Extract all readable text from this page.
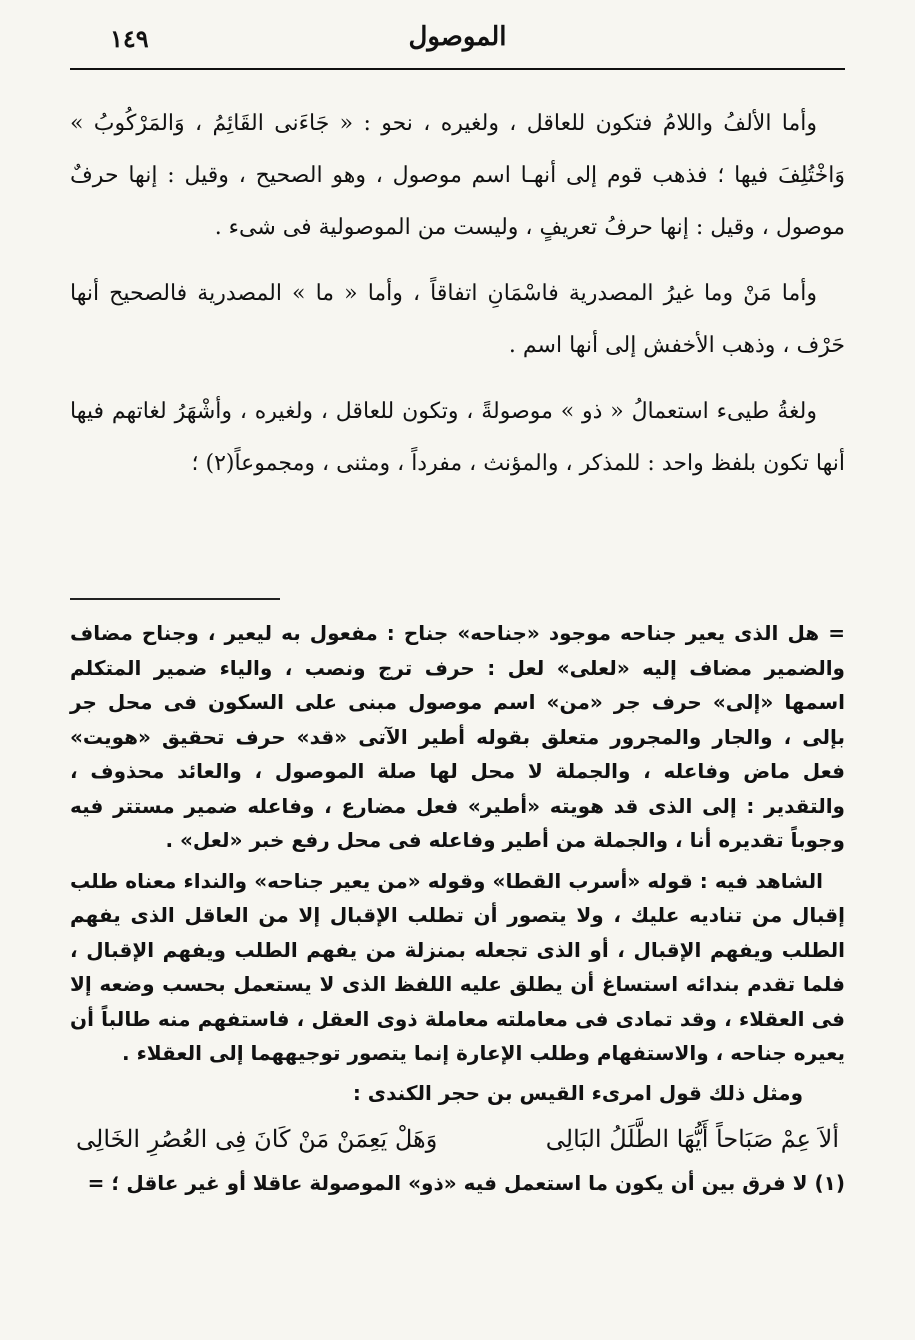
الموصول
١٤٩

وأما الألفُ واللامُ فتكون للعاقل ، ولغيره ، نحو : « جَاءَنى القَائِمُ ، وَالمَرْكُوبُ » وَاخْتُلِفَ فيها ؛ فذهب قوم إلى أنهـا اسم موصول ، وهو الصحيح ، وقيل : إنها حرفٌ موصول ، وقيل : إنها حرفُ تعريفٍ ، وليست من الموصولية فى شىء .

وأما مَنْ وما غيرُ المصدرية فاسْمَانِ اتفاقاً ، وأما « ما » المصدرية فالصحيح أنها حَرْف ، وذهب الأخفش إلى أنها اسم .

ولغةُ طيىء استعمالُ « ذو » موصولةً ، وتكون للعاقل ، ولغيره ، وأشْهَرُ لغاتهم فيها أنها تكون بلفظ واحد : للمذكر ، والمؤنث ، مفرداً ، ومثنى ، ومجموعاً(٢) ؛

= هل الذى يعير جناحه موجود «جناحه» جناح : مفعول به ليعير ، وجناح مضاف والضمير مضاف إليه «لعلى» لعل : حرف ترج ونصب ، والياء ضمير المتكلم اسمها «إلى» حرف جر «من» اسم موصول مبنى على السكون فى محل جر بإلى ، والجار والمجرور متعلق بقوله أطير الآتى «قد» حرف تحقيق «هويت» فعل ماض وفاعله ، والجملة لا محل لها صلة الموصول ، والعائد محذوف ، والتقدير : إلى الذى قد هويته «أطير» فعل مضارع ، وفاعله ضمير مستتر فيه وجوباً تقديره أنا ، والجملة من أطير وفاعله فى محل رفع خبر «لعل» .

الشاهد فيه : قوله «أسرب القطا» وقوله «من يعير جناحه» والنداء معناه طلب إقبال من تناديه عليك ، ولا يتصور أن تطلب الإقبال إلا من العاقل الذى يفهم الطلب ويفهم الإقبال ، أو الذى تجعله بمنزلة من يفهم الطلب ويفهم الإقبال ، فلما تقدم بندائه استساغ أن يطلق عليه اللفظ الذى لا يستعمل بحسب وضعه إلا فى العقلاء ، وقد تمادى فى معاملته معاملة ذوى العقل ، فاستفهم منه طالباً أن يعيره جناحه ، والاستفهام وطلب الإعارة إنما يتصور توجيههما إلى العقلاء .

ومثل ذلك قول امرىء القيس بن حجر الكندى :
ألاَ عِمْ صَبَاحاً أَيُّهَا الطَّلَلُ البَالِى
وَهَلْ يَعِمَنْ مَنْ كَانَ فِى العُصُرِ الخَالِى
(١) لا فرق بين أن يكون ما استعمل فيه «ذو» الموصولة عاقلا أو غير عاقل ؛ =
